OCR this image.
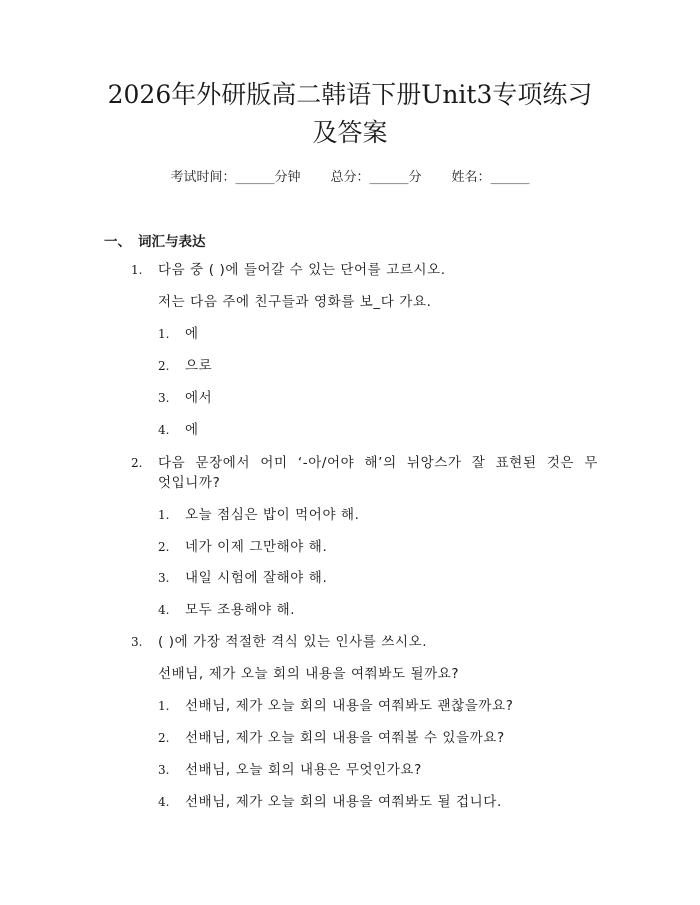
2026年外研版高二韩语下册Unit3专项练习
及答案
考试时间：______分钟 总分：______分 姓名：______
一、 词汇与表达
1. 다음 중 ( )에 들어갈 수 있는 단어를 고르시오.
저는 다음 주에 친구들과 영화를 보_다 가요.
1. 에
2. 으로
3. 에서
4. 에
2. 다음 문장에서 어미 ‘-아/어야 해’의 뉘앙스가 잘 표현된 것은 무
엇입니까?
1. 오늘 점심은 밥이 먹어야 해.
2. 네가 이제 그만해야 해.
3. 내일 시험에 잘해야 해.
4. 모두 조용해야 해.
3. ( )에 가장 적절한 격식 있는 인사를 쓰시오.
선배님, 제가 오늘 회의 내용을 여쭤봐도 될까요?
1. 선배님, 제가 오늘 회의 내용을 여쭤봐도 괜찮을까요?
2. 선배님, 제가 오늘 회의 내용을 여쭤볼 수 있을까요?
3. 선배님, 오늘 회의 내용은 무엇인가요?
4. 선배님, 제가 오늘 회의 내용을 여쭤봐도 될 겁니다.
